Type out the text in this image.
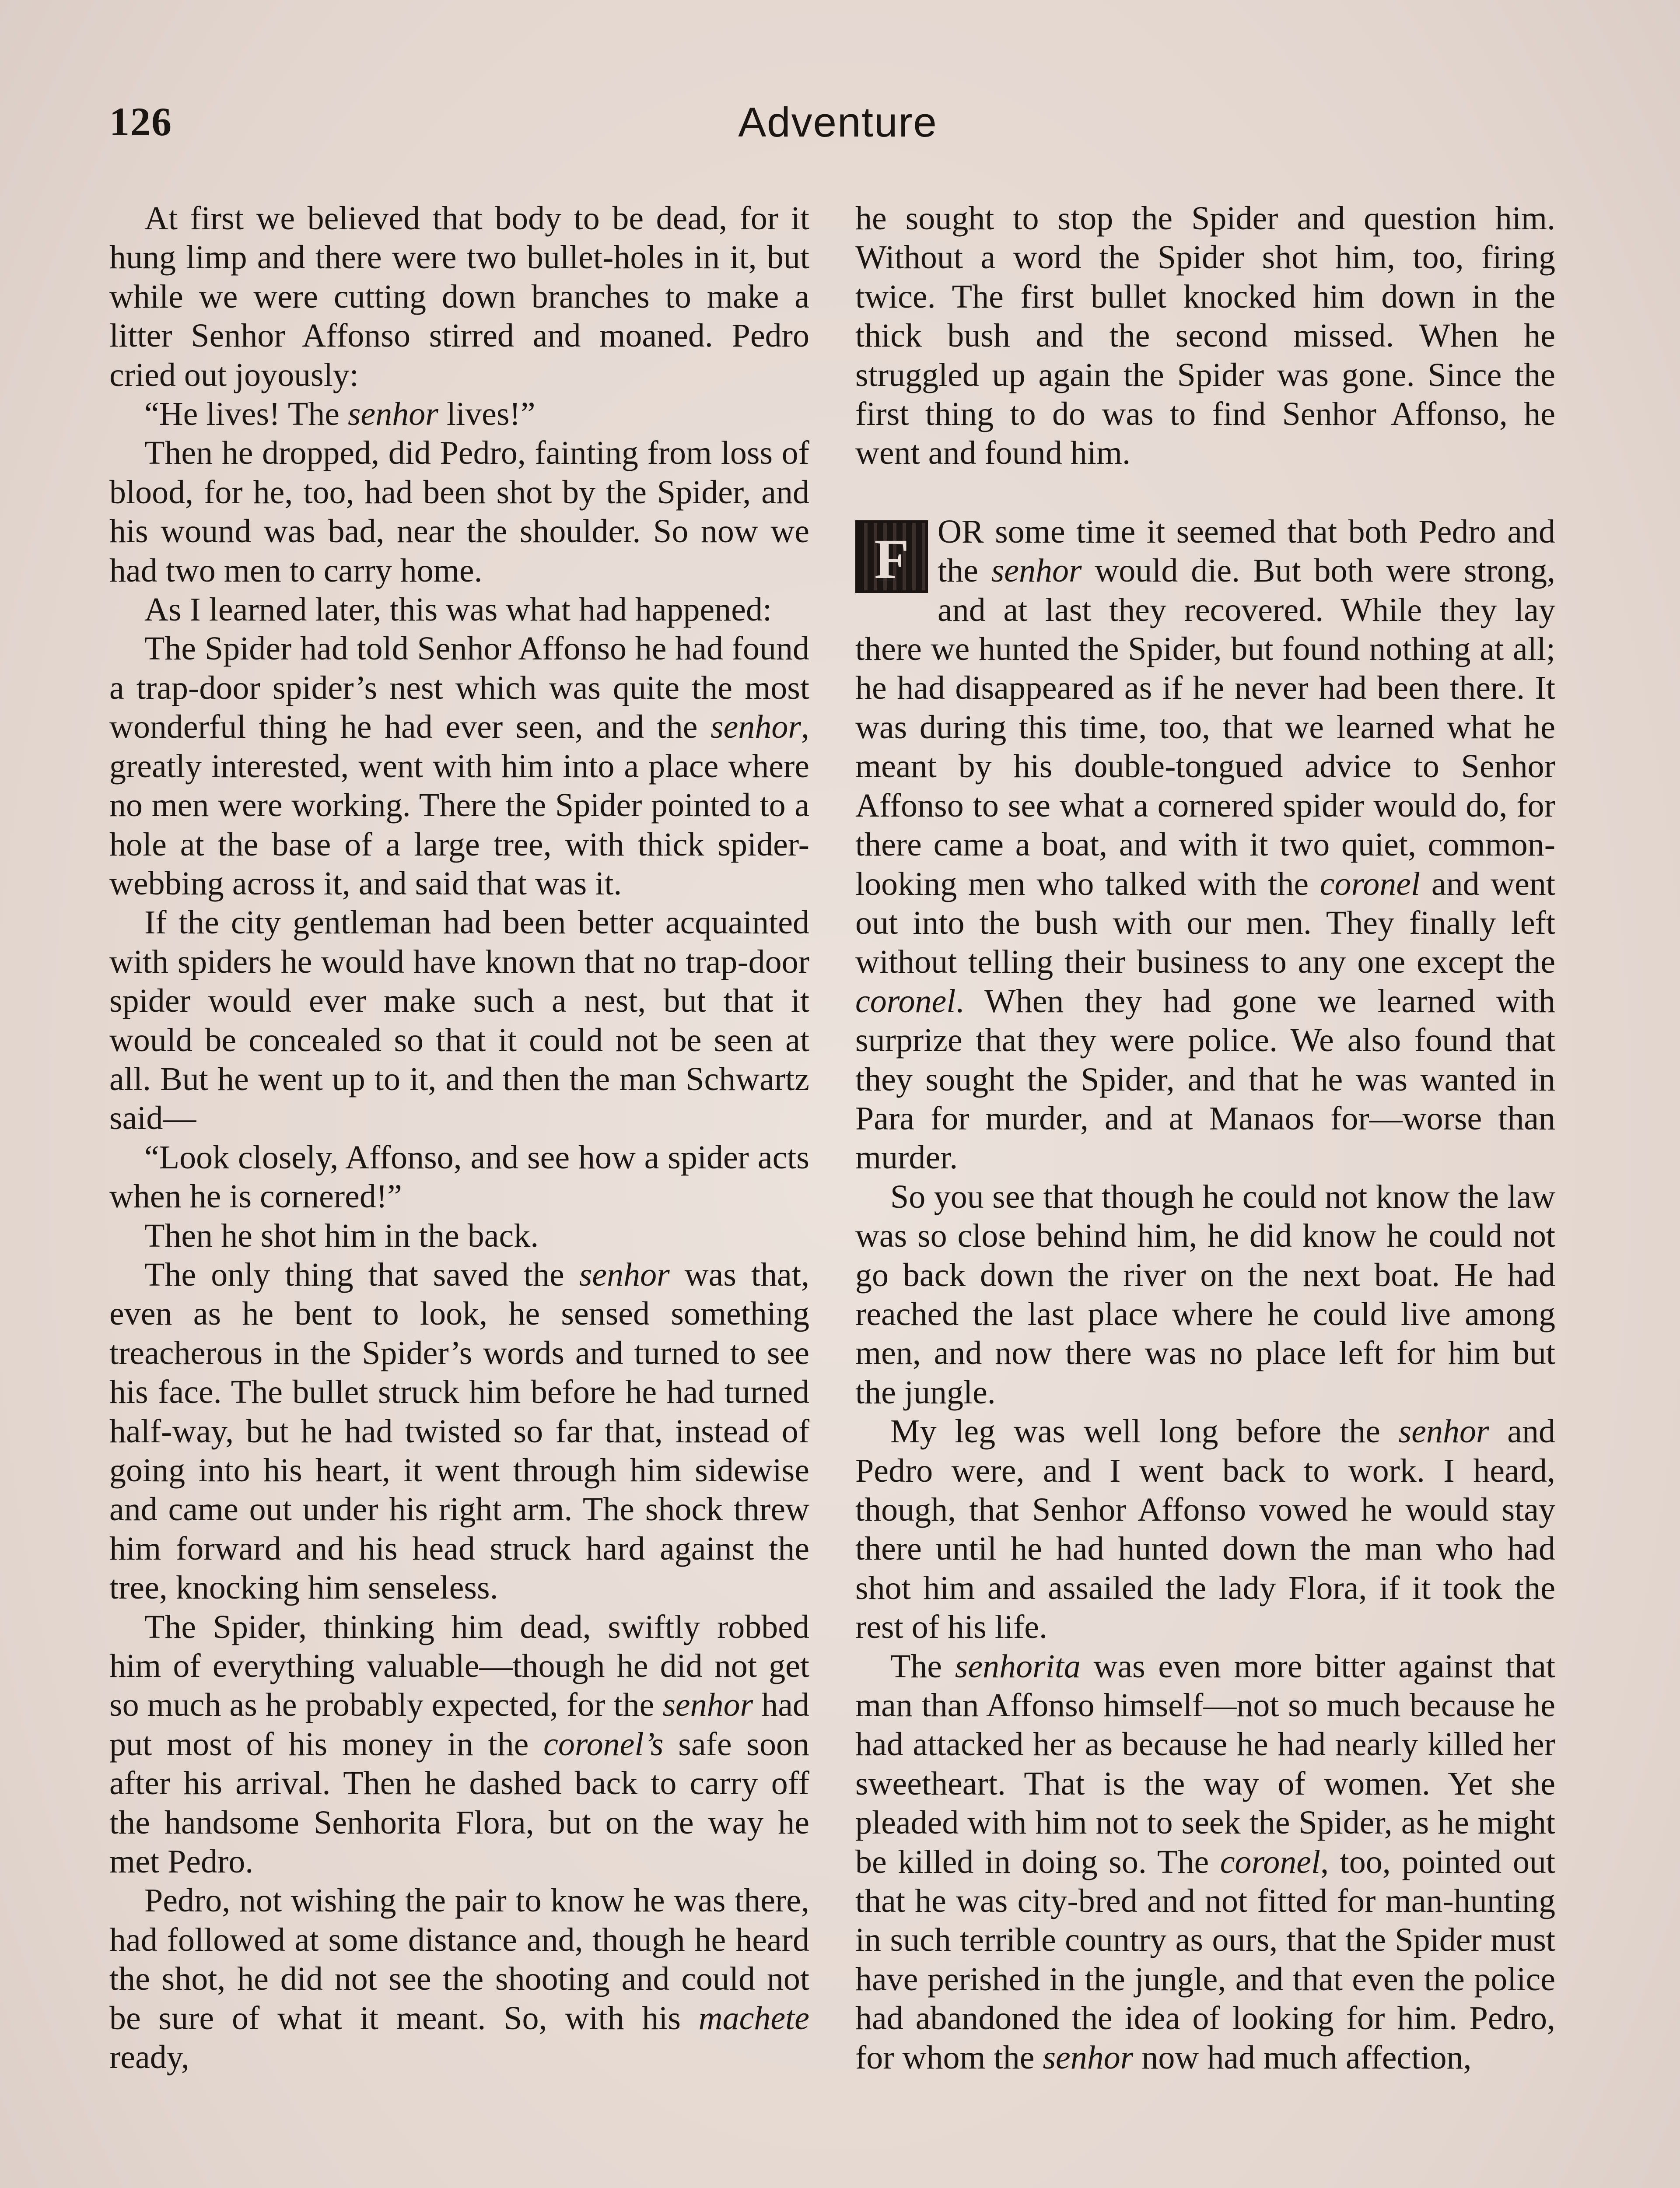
126	Adventure

At first we believed that body to be dead, for it hung limp and there were two bullet-holes in it, but while we were cutting down branches to make a litter Senhor Affonso stirred and moaned. Pedro cried out joyously:

“He lives! The senhor lives!”

Then he dropped, did Pedro, fainting from loss of blood, for he, too, had been shot by the Spider, and his wound was bad, near the shoulder. So now we had two men to carry home.

As I learned later, this was what had happened:

The Spider had told Senhor Affonso he had found a trap-door spider’s nest which was quite the most wonderful thing he had ever seen, and the senhor, greatly interested, went with him into a place where no men were working. There the Spider pointed to a hole at the base of a large tree, with thick spider-webbing across it, and said that was it.

If the city gentleman had been better acquainted with spiders he would have known that no trap-door spider would ever make such a nest, but that it would be concealed so that it could not be seen at all. But he went up to it, and then the man Schwartz said—

“Look closely, Affonso, and see how a spider acts when he is cornered!”

Then he shot him in the back.

The only thing that saved the senhor was that, even as he bent to look, he sensed something treacherous in the Spider’s words and turned to see his face. The bullet struck him before he had turned half-way, but he had twisted so far that, instead of going into his heart, it went through him sidewise and came out under his right arm. The shock threw him forward and his head struck hard against the tree, knocking him senseless.

The Spider, thinking him dead, swiftly robbed him of everything valuable—though he did not get so much as he probably expected, for the senhor had put most of his money in the coronel’s safe soon after his arrival. Then he dashed back to carry off the handsome Senhorita Flora, but on the way he met Pedro.

Pedro, not wishing the pair to know he was there, had followed at some distance and, though he heard the shot, he did not see the shooting and could not be sure of what it meant. So, with his machete ready,

he sought to stop the Spider and question him. Without a word the Spider shot him, too, firing twice. The first bullet knocked him down in the thick bush and the second missed. When he struggled up again the Spider was gone. Since the first thing to do was to find Senhor Affonso, he went and found him.

FOR some time it seemed that both Pedro and the senhor would die. But both were strong, and at last they recovered. While they lay there we hunted the Spider, but found nothing at all; he had disappeared as if he never had been there. It was during this time, too, that we learned what he meant by his double-tongued advice to Senhor Affonso to see what a cornered spider would do, for there came a boat, and with it two quiet, common-looking men who talked with the coronel and went out into the bush with our men. They finally left without telling their business to any one except the coronel. When they had gone we learned with surprize that they were police. We also found that they sought the Spider, and that he was wanted in Para for murder, and at Manaos for—worse than murder.

So you see that though he could not know the law was so close behind him, he did know he could not go back down the river on the next boat. He had reached the last place where he could live among men, and now there was no place left for him but the jungle.

My leg was well long before the senhor and Pedro were, and I went back to work. I heard, though, that Senhor Affonso vowed he would stay there until he had hunted down the man who had shot him and assailed the lady Flora, if it took the rest of his life.

The senhorita was even more bitter against that man than Affonso himself—not so much because he had attacked her as because he had nearly killed her sweetheart. That is the way of women. Yet she pleaded with him not to seek the Spider, as he might be killed in doing so. The coronel, too, pointed out that he was city-bred and not fitted for man-hunting in such terrible country as ours, that the Spider must have perished in the jungle, and that even the police had abandoned the idea of looking for him. Pedro, for whom the senhor now had much affection,
